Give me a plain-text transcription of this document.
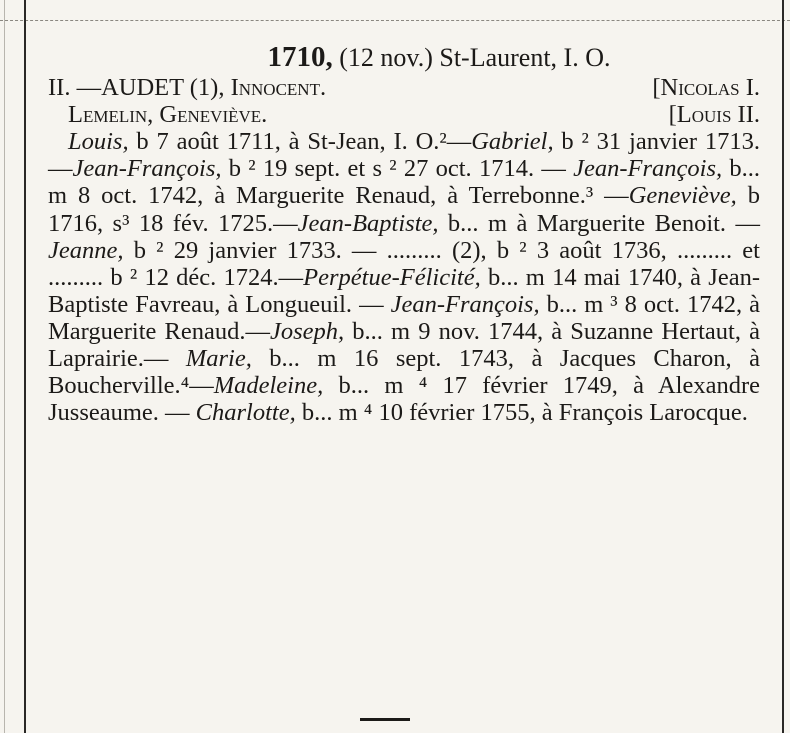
1710, (12 nov.) St-Laurent, I. O.
II. —AUDET (1), Innocent.	[Nicolas I.
Lemelin, Geneviève.	[Louis II.

Louis, b 7 août 1711, à St-Jean, I. O.²—Gabriel, b ² 31 janvier 1713.—Jean-François, b ² 19 sept. et s ² 27 oct. 1714. — Jean-François, b... m 8 oct. 1742, à Marguerite Renaud, à Terrebonne.³ —Geneviève, b 1716, s³ 18 fév. 1725.—Jean-Baptiste, b... m à Marguerite Benoit. — Jeanne, b ² 29 janvier 1733. — ......... (2), b ² 3 août 1736, ......... et ......... b ² 12 déc. 1724.—Perpétue-Félicité, b... m 14 mai 1740, à Jean-Baptiste Favreau, à Longueuil. — Jean-François, b... m ³ 8 oct. 1742, à Marguerite Renaud.—Joseph, b... m 9 nov. 1744, à Suzanne Hertaut, à Laprairie.— Marie, b... m 16 sept. 1743, à Jacques Charon, à Boucherville.⁴—Madeleine, b... m ⁴ 17 février 1749, à Alexandre Jusseaume. — Charlotte, b... m ⁴ 10 février 1755, à François Larocque.
